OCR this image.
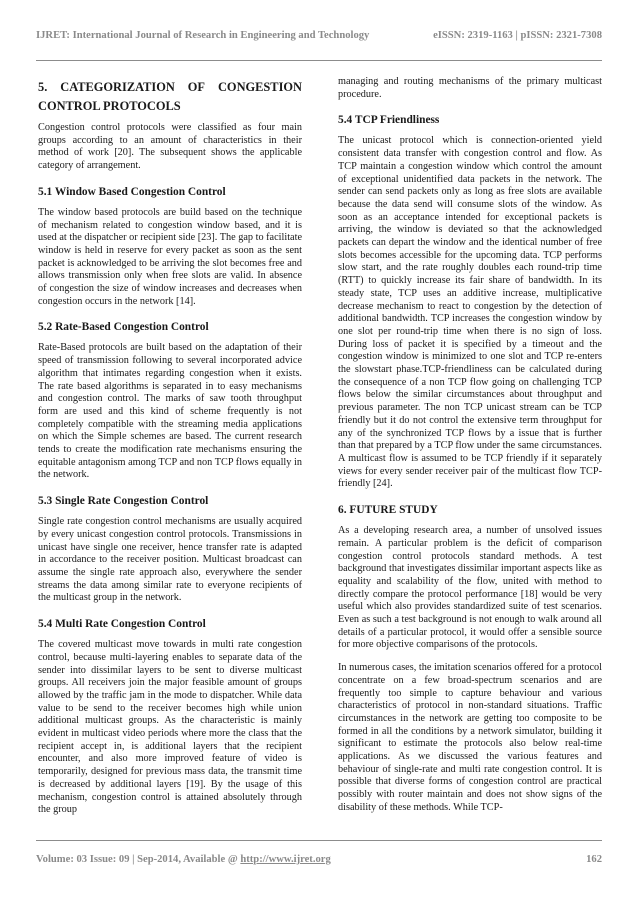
IJRET: International Journal of Research in Engineering and Technology	eISSN: 2319-1163 | pISSN: 2321-7308
5. CATEGORIZATION OF CONGESTION
CONTROL PROTOCOLS

Congestion control protocols were classified as four main groups according to an amount of characteristics in their method of work [20]. The subsequent shows the applicable category of arrangement.

5.1 Window Based Congestion Control

The window based protocols are build based on the technique of mechanism related to congestion window based, and it is used at the dispatcher or recipient side [23]. The gap to facilitate window is held in reserve for every packet as soon as the sent packet is acknowledged to be arriving the slot becomes free and allows transmission only when free slots are valid. In absence of congestion the size of window increases and decreases when congestion occurs in the network [14].

5.2 Rate-Based Congestion Control

Rate-Based protocols are built based on the adaptation of their speed of transmission following to several incorporated advice algorithm that intimates regarding congestion when it exists. The rate based algorithms is separated in to easy mechanisms and congestion control. The marks of saw tooth throughput form are used and this kind of scheme frequently is not completely compatible with the streaming media applications on which the Simple schemes are based. The current research tends to create the modification rate mechanisms ensuring the equitable antagonism among TCP and non TCP flows equally in the network.

5.3 Single Rate Congestion Control

Single rate congestion control mechanisms are usually acquired by every unicast congestion control protocols. Transmissions in unicast have single one receiver, hence transfer rate is adapted in accordance to the receiver position. Multicast broadcast can assume the single rate approach also, everywhere the sender streams the data among similar rate to everyone recipients of the multicast group in the network.

5.4 Multi Rate Congestion Control

The covered multicast move towards in multi rate congestion control, because multi-layering enables to separate data of the sender into dissimilar layers to be sent to diverse multicast groups. All receivers join the major feasible amount of groups allowed by the traffic jam in the mode to dispatcher. While data value to be send to the receiver becomes high while union additional multicast groups. As the characteristic is mainly evident in multicast video periods where more the class that the recipient accept in, is additional layers that the recipient encounter, and also more improved feature of video is temporarily, designed for previous mass data, the transmit time is decreased by additional layers [19]. By the usage of this mechanism, congestion control is attained absolutely through the group

managing and routing mechanisms of the primary multicast procedure.

5.4 TCP Friendliness

The unicast protocol which is connection-oriented yield consistent data transfer with congestion control and flow. As TCP maintain a congestion window which control the amount of exceptional unidentified data packets in the network. The sender can send packets only as long as free slots are available because the data send will consume slots of the window. As soon as an acceptance intended for exceptional packets is arriving, the window is deviated so that the acknowledged packets can depart the window and the identical number of free slots becomes accessible for the upcoming data. TCP performs slow start, and the rate roughly doubles each round-trip time (RTT) to quickly increase its fair share of bandwidth. In its steady state, TCP uses an additive increase, multiplicative decrease mechanism to react to congestion by the detection of additional bandwidth. TCP increases the congestion window by one slot per round-trip time when there is no sign of loss. During loss of packet it is specified by a timeout and the congestion window is minimized to one slot and TCP re-enters the slowstart phase.TCP-friendliness can be calculated during the consequence of a non TCP flow going on challenging TCP flows below the similar circumstances about throughput and previous parameter. The non TCP unicast stream can be TCP friendly but it do not control the extensive term throughput for any of the synchronized TCP flows by a issue that is further than that prepared by a TCP flow under the same circumstances. A multicast flow is assumed to be TCP friendly if it separately views for every sender receiver pair of the multicast flow TCP-friendly [24].

6. FUTURE STUDY

As a developing research area, a number of unsolved issues remain. A particular problem is the deficit of comparison congestion control protocols standard methods. A test background that investigates dissimilar important aspects like as equality and scalability of the flow, united with method to directly compare the protocol performance [18] would be very useful which also provides standardized suite of test scenarios. Even as such a test background is not enough to walk around all details of a particular protocol, it would offer a sensible source for more objective comparisons of the protocols.

In numerous cases, the imitation scenarios offered for a protocol concentrate on a few broad-spectrum scenarios and are frequently too simple to capture behaviour and various characteristics of protocol in non-standard situations. Traffic circumstances in the network are getting too composite to be formed in all the conditions by a network simulator, building it significant to estimate the protocols also below real-time applications. As we discussed the various features and behaviour of single-rate and multi rate congestion control. It is possible that diverse forms of congestion control are practical possibly with router maintain and does not show signs of the disability of these methods. While TCP-

Volume: 03 Issue: 09 | Sep-2014, Available @ http://www.ijret.org	162
